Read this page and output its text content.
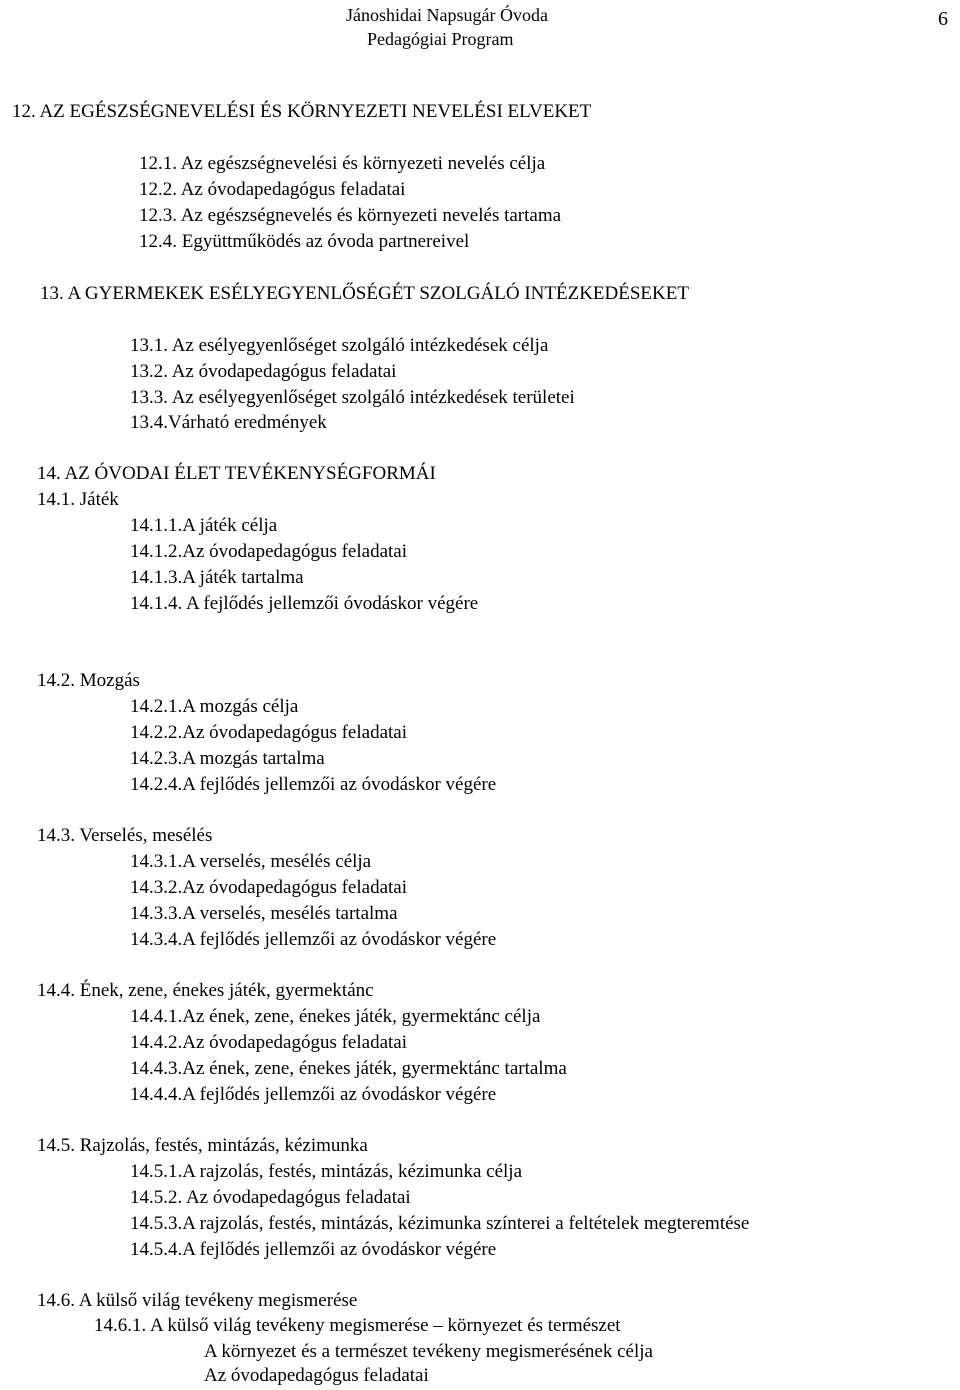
Jánoshidai Napsugár Óvoda
Pedagógiai Program
6
12. AZ EGÉSZSÉGNEVELÉSI ÉS KÖRNYEZETI NEVELÉSI ELVEKET
12.1. Az egészségnevelési és környezeti nevelés célja
12.2. Az óvodapedagógus feladatai
12.3. Az egészségnevelés és környezeti nevelés tartama
12.4. Együttműködés az óvoda partnereivel
13. A GYERMEKEK ESÉLYEGYENLŐSÉGÉT SZOLGÁLÓ INTÉZKEDÉSEKET
13.1. Az esélyegyenlőséget szolgáló intézkedések célja
13.2. Az óvodapedagógus feladatai
13.3. Az esélyegyenlőséget szolgáló intézkedések területei
13.4.Várható eredmények
14. AZ ÓVODAI ÉLET TEVÉKENYSÉGFORMÁI
14.1. Játék
14.1.1.A játék célja
14.1.2.Az óvodapedagógus feladatai
14.1.3.A játék tartalma
14.1.4. A fejlődés jellemzői óvodáskor végére
14.2. Mozgás
14.2.1.A mozgás célja
14.2.2.Az óvodapedagógus feladatai
14.2.3.A mozgás tartalma
14.2.4.A fejlődés jellemzői az óvodáskor végére
14.3. Verselés, mesélés
14.3.1.A verselés, mesélés célja
14.3.2.Az óvodapedagógus feladatai
14.3.3.A verselés, mesélés tartalma
14.3.4.A fejlődés jellemzői az óvodáskor végére
14.4. Ének, zene, énekes játék, gyermektánc
14.4.1.Az ének, zene, énekes játék, gyermektánc célja
14.4.2.Az óvodapedagógus feladatai
14.4.3.Az ének, zene, énekes játék, gyermektánc tartalma
14.4.4.A fejlődés jellemzői az óvodáskor végére
14.5. Rajzolás, festés, mintázás, kézimunka
14.5.1.A rajzolás, festés, mintázás, kézimunka célja
14.5.2. Az óvodapedagógus feladatai
14.5.3.A rajzolás, festés, mintázás, kézimunka színterei a feltételek megteremtése
14.5.4.A fejlődés jellemzői az óvodáskor végére
14.6. A külső világ tevékeny megismerése
14.6.1. A külső világ tevékeny megismerése – környezet és természet
A környezet és a természet tevékeny megismerésének célja
Az óvodapedagógus feladatai
